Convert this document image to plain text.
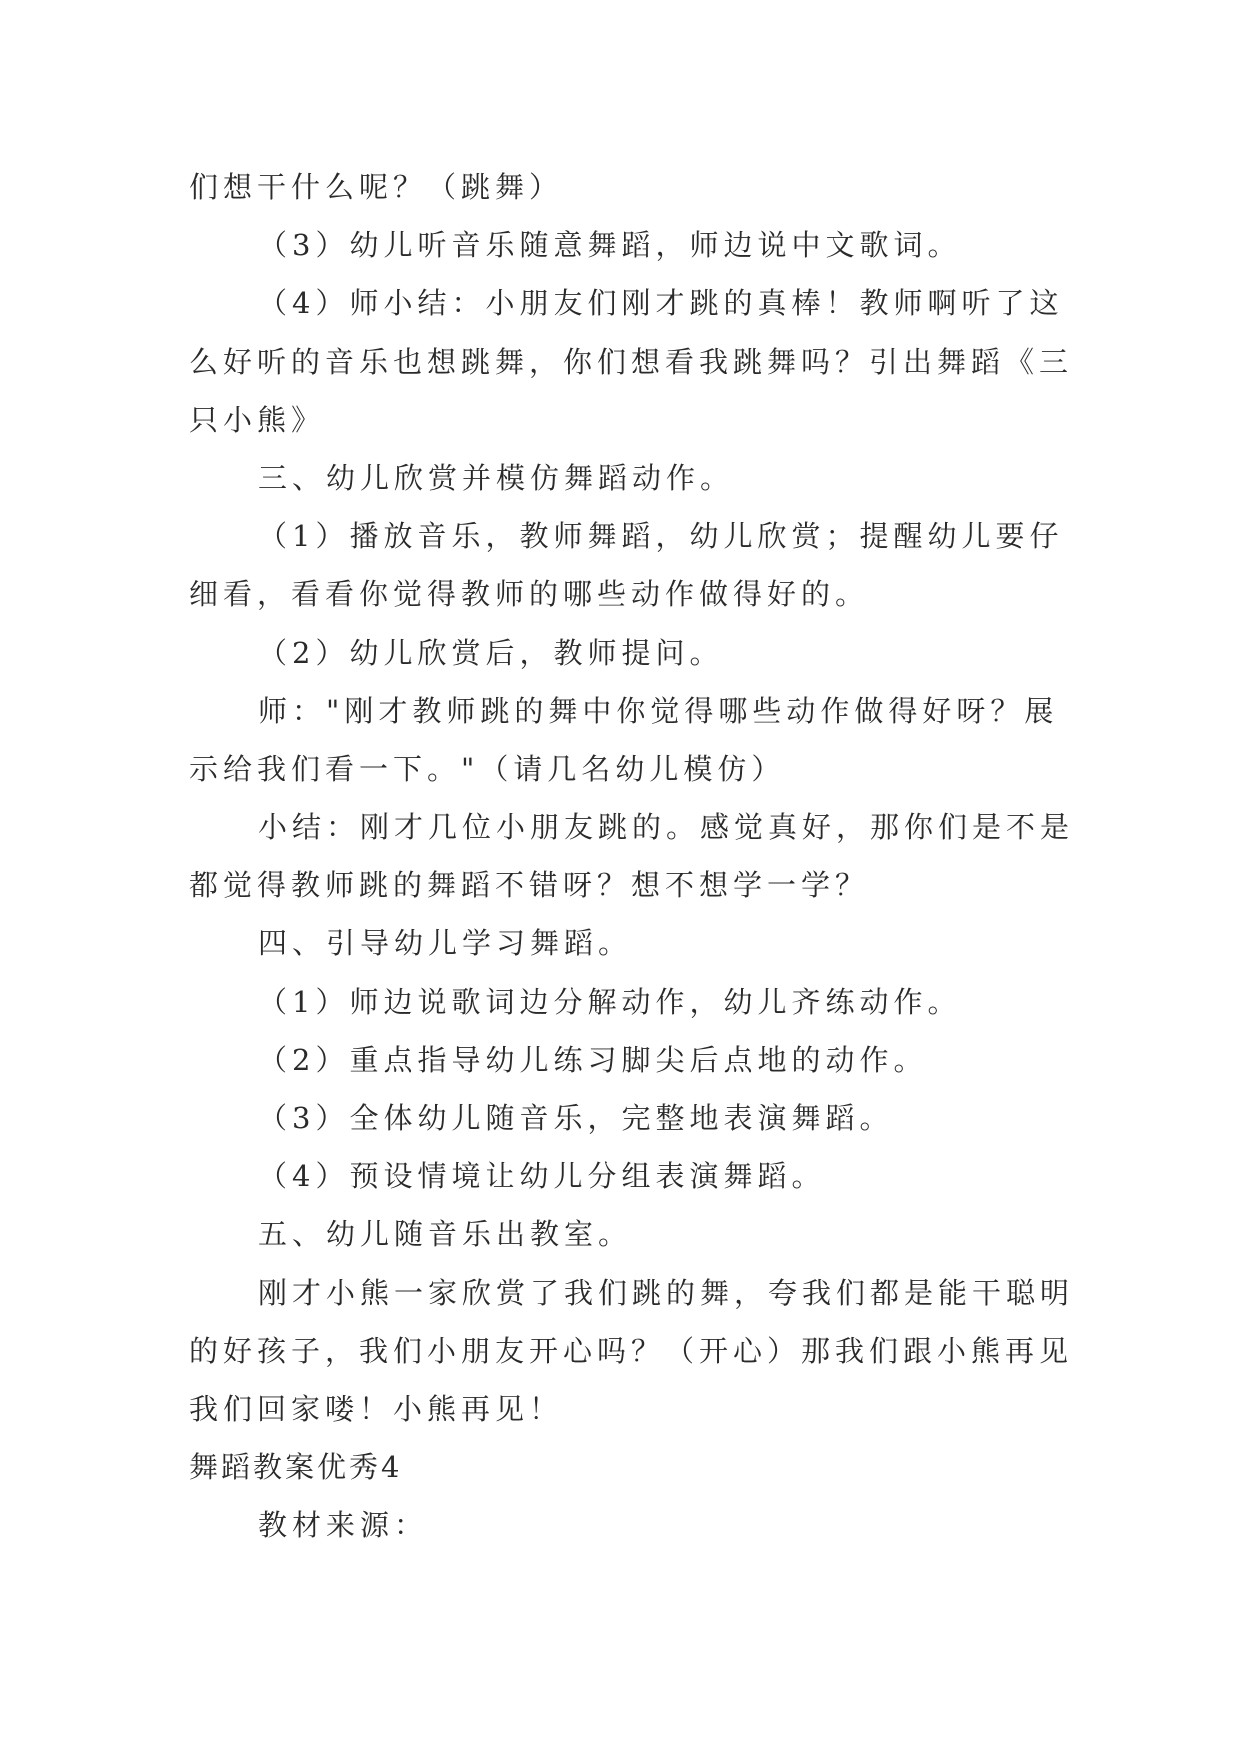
们想干什么呢？（跳舞）
（3）幼儿听音乐随意舞蹈，师边说中文歌词。
（4）师小结：小朋友们刚才跳的真棒！教师啊听了这
么好听的音乐也想跳舞，你们想看我跳舞吗？引出舞蹈《三
只小熊》
三、幼儿欣赏并模仿舞蹈动作。
（1）播放音乐，教师舞蹈，幼儿欣赏；提醒幼儿要仔
细看，看看你觉得教师的哪些动作做得好的。
（2）幼儿欣赏后，教师提问。
师："刚才教师跳的舞中你觉得哪些动作做得好呀？展
示给我们看一下。"（请几名幼儿模仿）
小结：刚才几位小朋友跳的。感觉真好，那你们是不是
都觉得教师跳的舞蹈不错呀？想不想学一学？
四、引导幼儿学习舞蹈。
（1）师边说歌词边分解动作，幼儿齐练动作。
（2）重点指导幼儿练习脚尖后点地的动作。
（3）全体幼儿随音乐，完整地表演舞蹈。
（4）预设情境让幼儿分组表演舞蹈。
五、幼儿随音乐出教室。
刚才小熊一家欣赏了我们跳的舞，夸我们都是能干聪明
的好孩子，我们小朋友开心吗？（开心）那我们跟小熊再见
我们回家喽！小熊再见！
舞蹈教案优秀4
教材来源：
